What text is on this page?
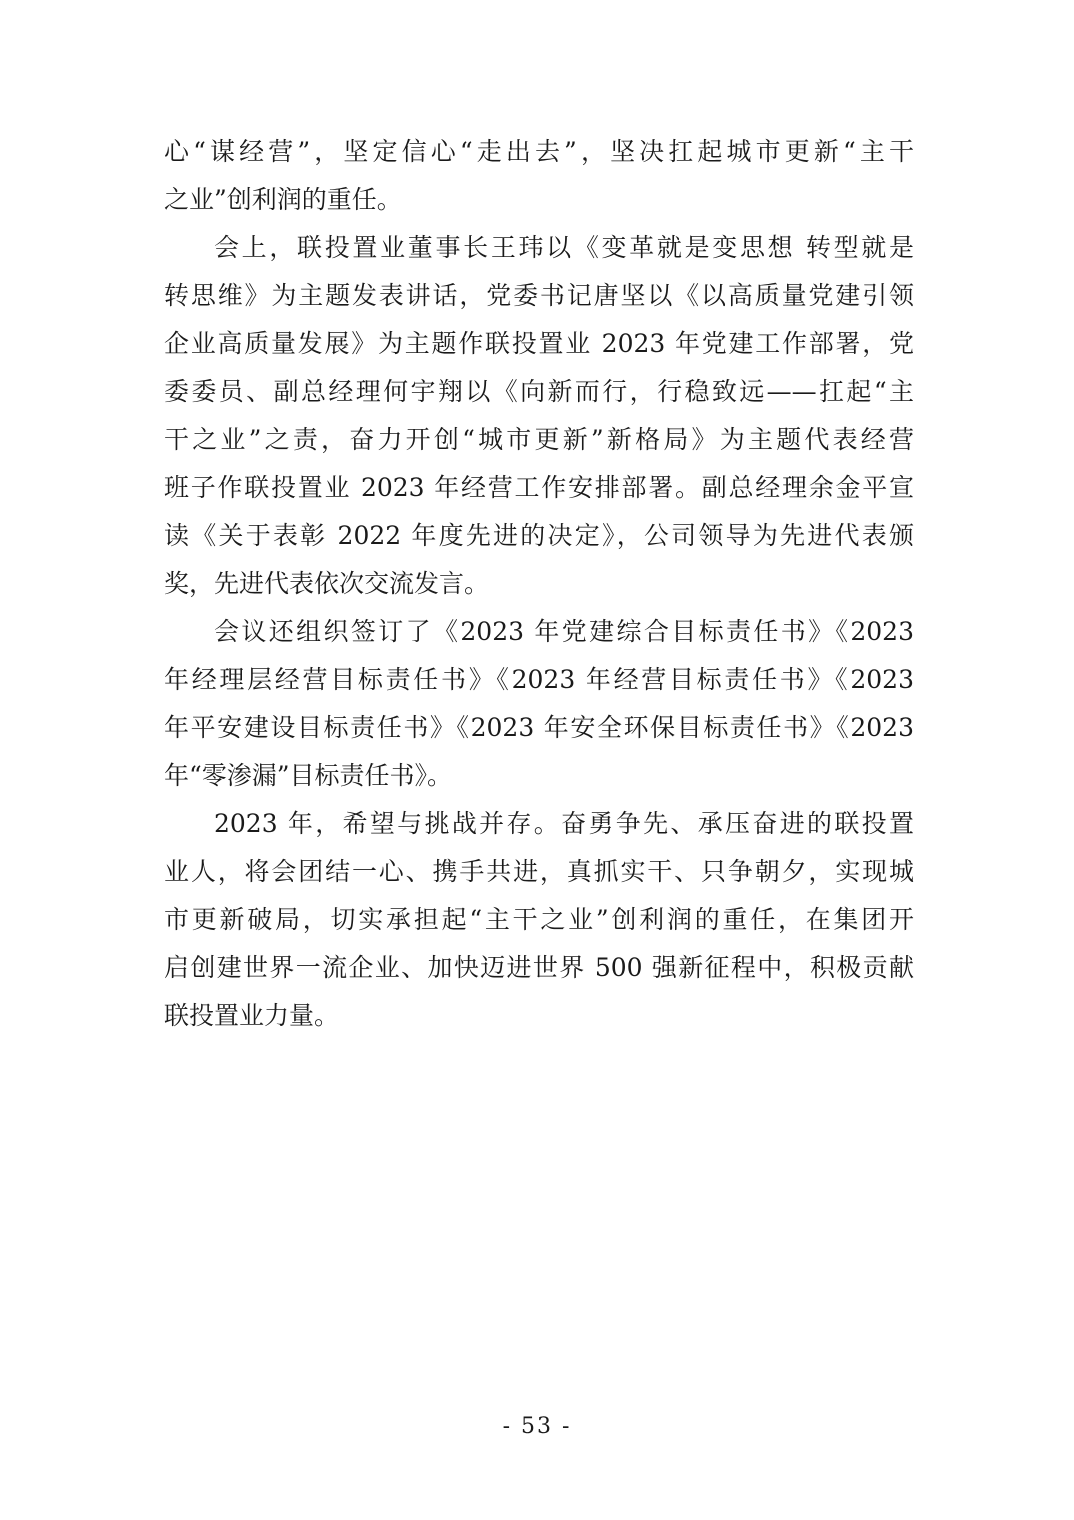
心“谋经营”，坚定信心“走出去”，坚决扛起城市更新“主干
之业”创利润的重任。
会上，联投置业董事长王玮以《变革就是变思想 转型就是
转思维》为主题发表讲话，党委书记唐坚以《以高质量党建引领
企业高质量发展》为主题作联投置业 2023 年党建工作部署，党
委委员、副总经理何宇翔以《向新而行，行稳致远——扛起“主
干之业”之责，奋力开创“城市更新”新格局》为主题代表经营
班子作联投置业 2023 年经营工作安排部署。副总经理余金平宣
读《关于表彰 2022 年度先进的决定》，公司领导为先进代表颁
奖，先进代表依次交流发言。
会议还组织签订了《2023 年党建综合目标责任书》《2023
年经理层经营目标责任书》《2023 年经营目标责任书》《2023
年平安建设目标责任书》《2023 年安全环保目标责任书》《2023
年“零渗漏”目标责任书》。
2023 年，希望与挑战并存。奋勇争先、承压奋进的联投置
业人，将会团结一心、携手共进，真抓实干、只争朝夕，实现城
市更新破局，切实承担起“主干之业”创利润的重任，在集团开
启创建世界一流企业、加快迈进世界 500 强新征程中，积极贡献
联投置业力量。
- 53 -
